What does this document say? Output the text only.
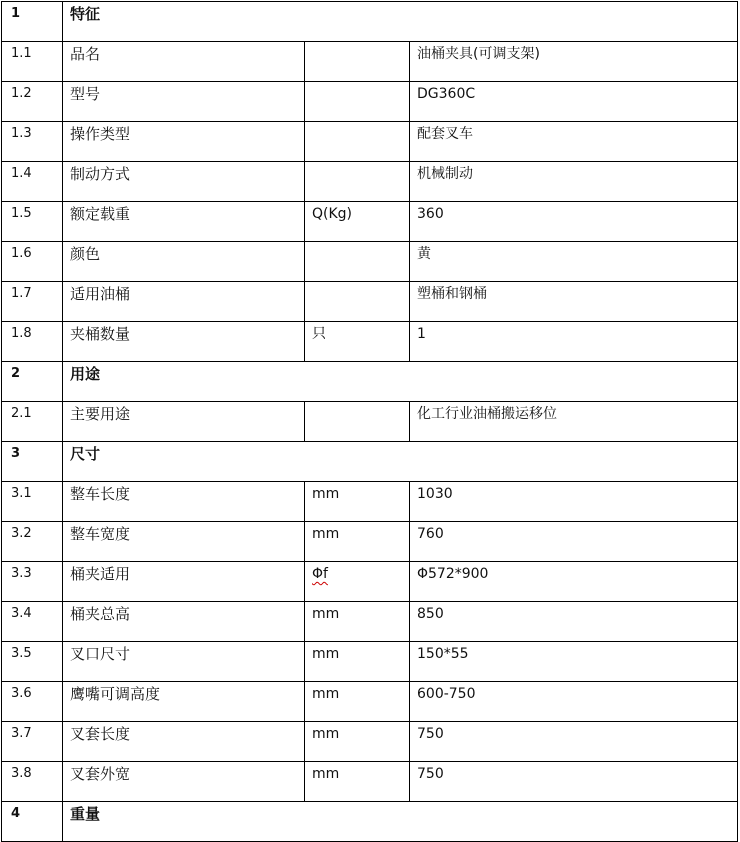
1	特征		
1.1	品名		油桶夹具(可调支架)
1.2	型号		DG360C
1.3	操作类型		配套叉车
1.4	制动方式		机械制动
1.5	额定载重	Q(Kg)	360
1.6	颜色		黄
1.7	适用油桶		塑桶和钢桶
1.8	夹桶数量	只	1
2	用途		
2.1	主要用途		化工行业油桶搬运移位
3	尺寸		
3.1	整车长度	mm	1030
3.2	整车宽度	mm	760
3.3	桶夹适用	Φf	Φ572*900
3.4	桶夹总高	mm	850
3.5	叉口尺寸	mm	150*55
3.6	鹰嘴可调高度	mm	600-750
3.7	叉套长度	mm	750
3.8	叉套外宽	mm	750
4	重量		
